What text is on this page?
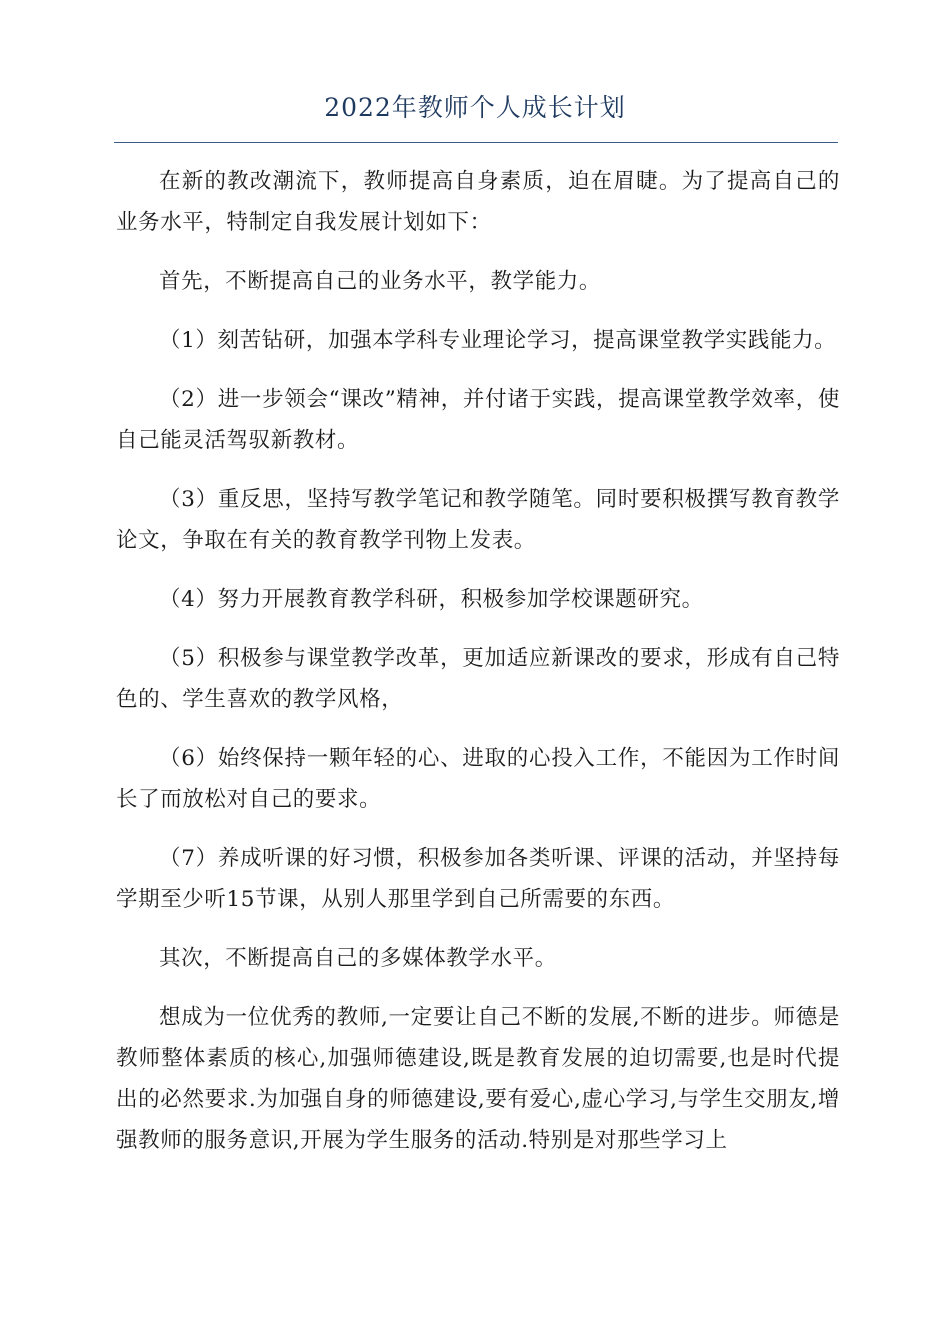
2022年教师个人成长计划

在新的教改潮流下，教师提高自身素质，迫在眉睫。为了提高自己的业务水平，特制定自我发展计划如下：

首先，不断提高自己的业务水平，教学能力。

（1）刻苦钻研，加强本学科专业理论学习，提高课堂教学实践能力。

（2）进一步领会“课改”精神，并付诸于实践，提高课堂教学效率，使自己能灵活驾驭新教材。

（3）重反思，坚持写教学笔记和教学随笔。同时要积极撰写教育教学论文，争取在有关的教育教学刊物上发表。

（4）努力开展教育教学科研，积极参加学校课题研究。

（5）积极参与课堂教学改革，更加适应新课改的要求，形成有自己特色的、学生喜欢的教学风格，

（6）始终保持一颗年轻的心、进取的心投入工作，不能因为工作时间长了而放松对自己的要求。

（7）养成听课的好习惯，积极参加各类听课、评课的活动，并坚持每学期至少听15节课，从别人那里学到自己所需要的东西。

其次，不断提高自己的多媒体教学水平。

想成为一位优秀的教师,一定要让自己不断的发展,不断的进步。师德是教师整体素质的核心,加强师德建设,既是教育发展的迫切需要,也是时代提出的必然要求.为加强自身的师德建设,要有爱心,虚心学习,与学生交朋友,增强教师的服务意识,开展为学生服务的活动.特别是对那些学习上
